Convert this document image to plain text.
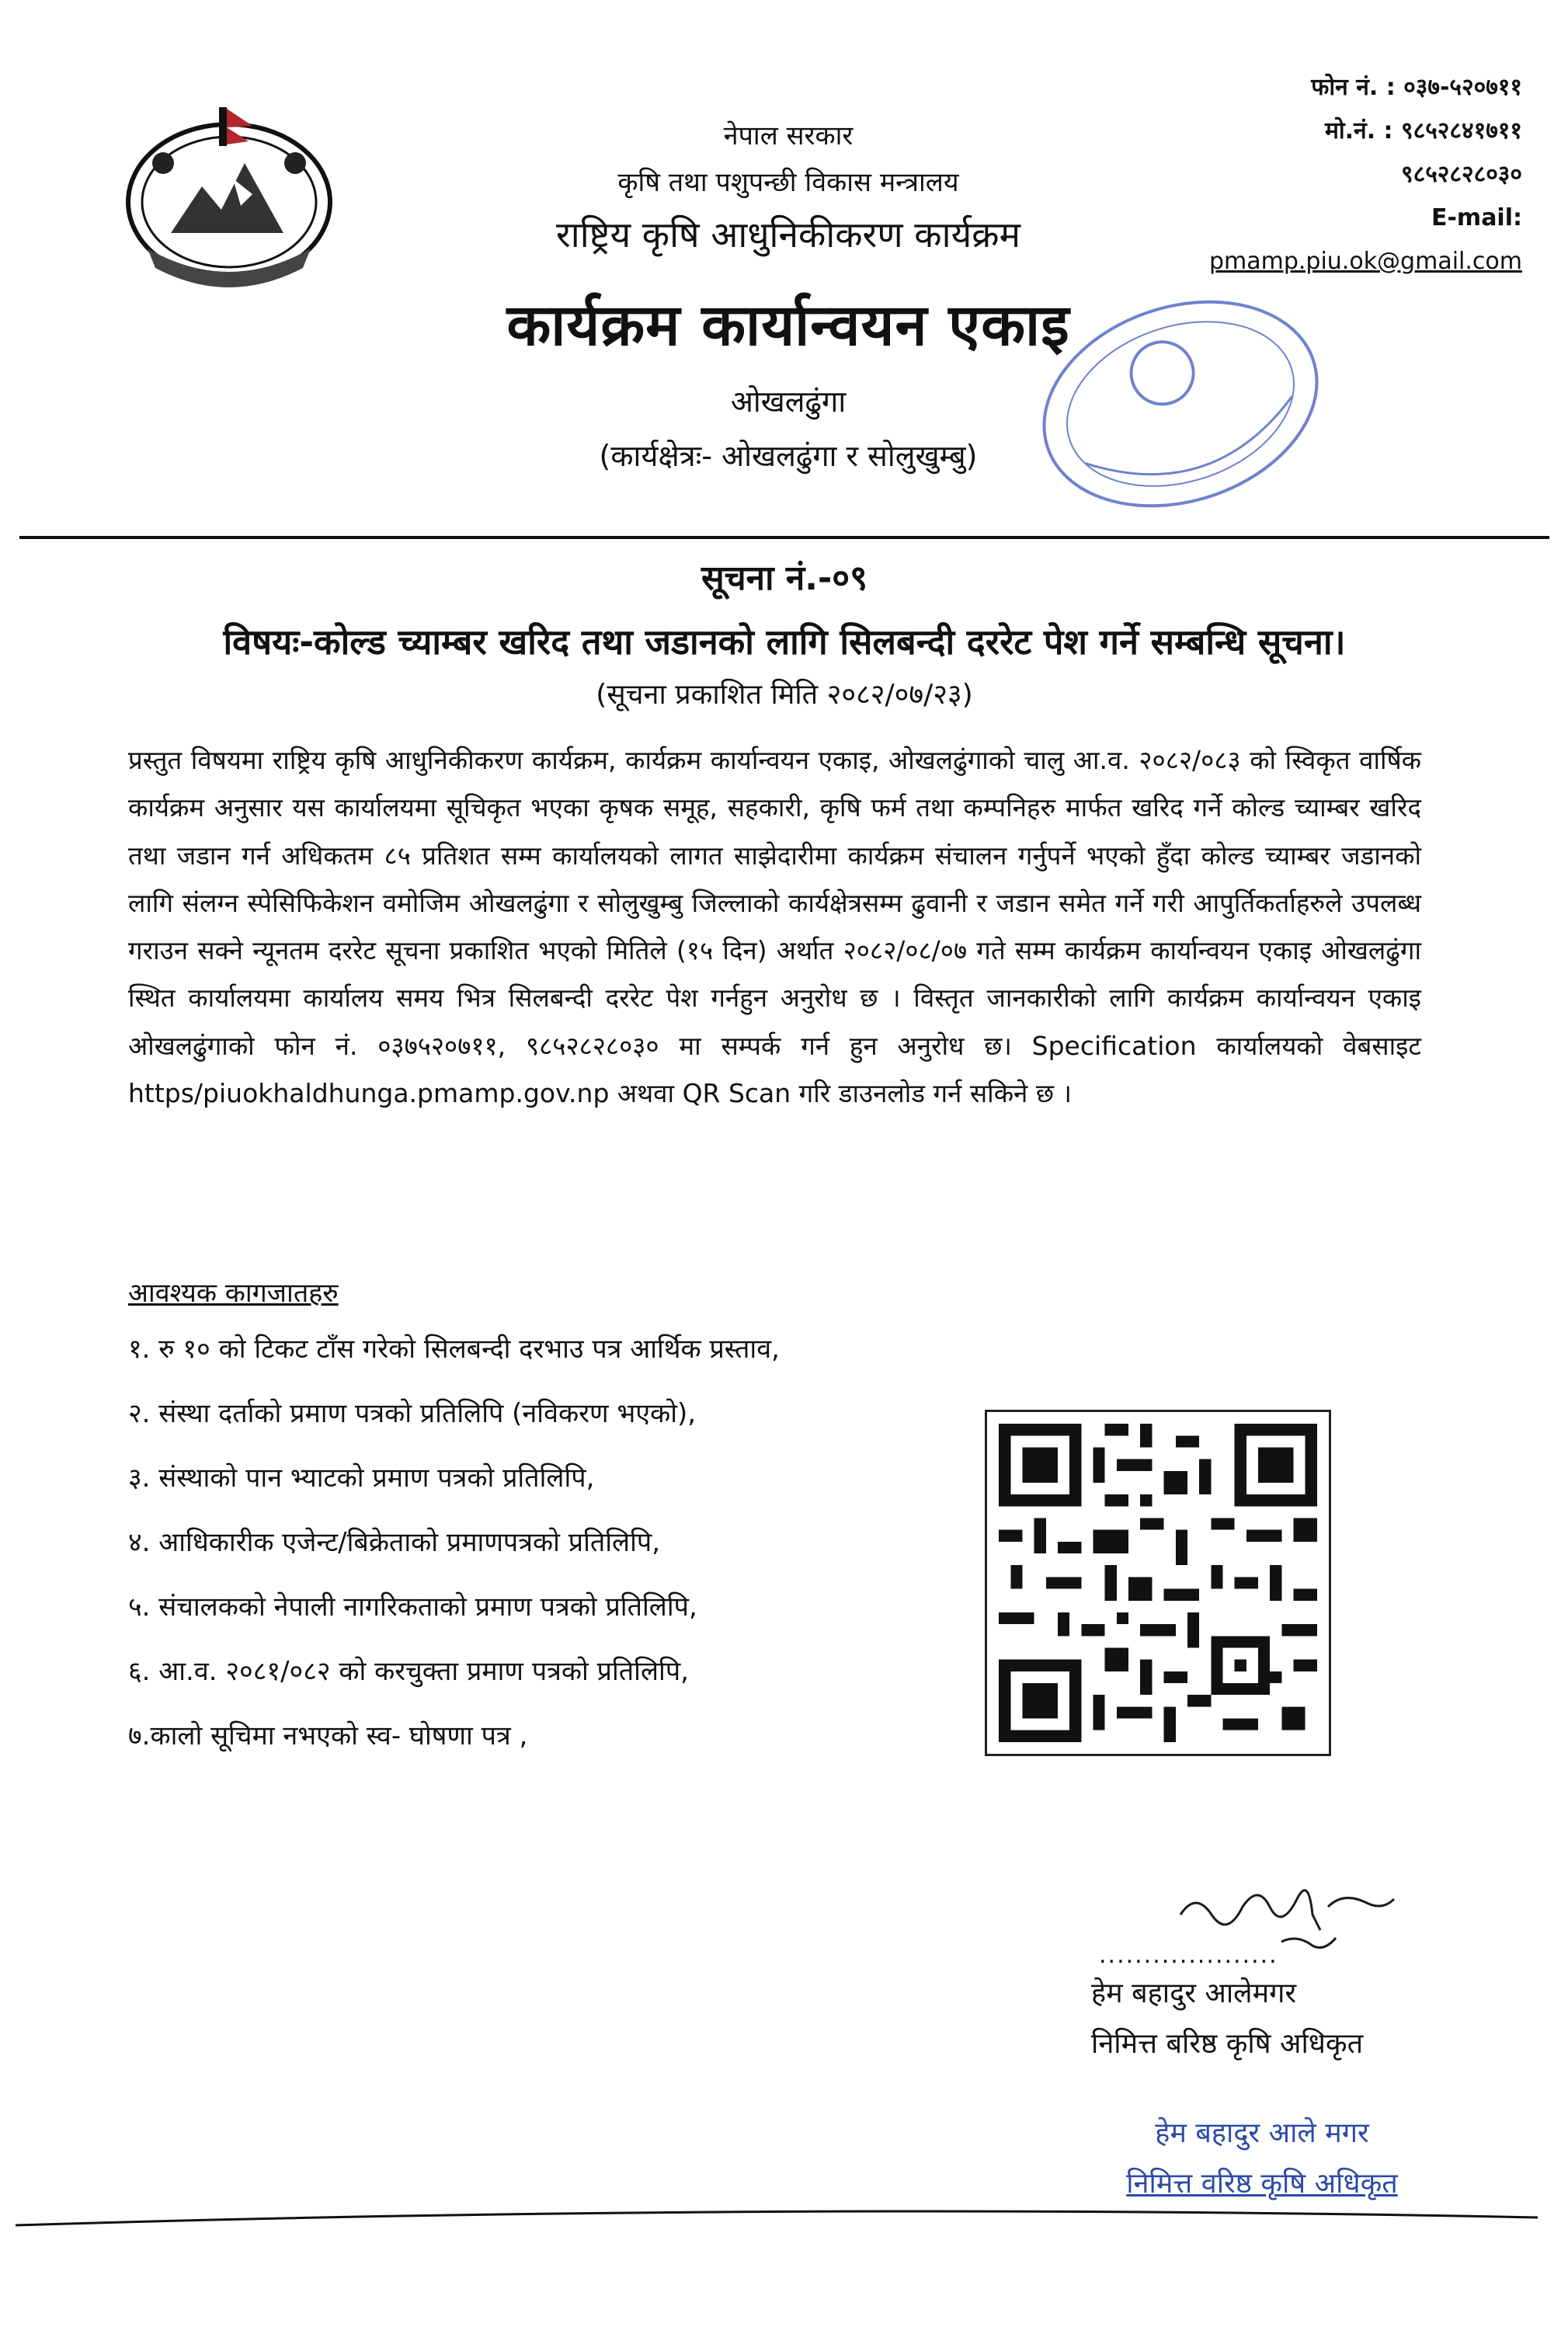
नेपाल सरकार
कृषि तथा पशुपन्छी विकास मन्त्रालय
राष्ट्रिय कृषि आधुनिकीकरण कार्यक्रम
कार्यक्रम कार्यान्वयन एकाइ
ओखलढुंगा
(कार्यक्षेत्रः- ओखलढुंगा र सोलुखुम्बु)
फोन नं. : ०३७-५२०७११
मो.नं. : ९८५२८४१७११
९८५२८२८०३०
E-mail: pmamp.piu.ok@gmail.com
सूचना नं.-०९
विषयः-कोल्ड च्याम्बर खरिद तथा जडानको लागि सिलबन्दी दररेट पेश गर्ने सम्बन्धि सूचना।
(सूचना प्रकाशित मिति २०८२/०७/२३)
प्रस्तुत विषयमा राष्ट्रिय कृषि आधुनिकीकरण कार्यक्रम, कार्यक्रम कार्यान्वयन एकाइ, ओखलढुंगाको चालु आ.व. २०८२/०८३ को स्विकृत वार्षिक कार्यक्रम अनुसार यस कार्यालयमा सूचिकृत भएका कृषक समूह, सहकारी, कृषि फर्म तथा कम्पनिहरु मार्फत खरिद गर्ने कोल्ड च्याम्बर खरिद तथा जडान गर्न अधिकतम ८५ प्रतिशत सम्म कार्यालयको लागत साझेदारीमा कार्यक्रम संचालन गर्नुपर्ने भएको हुँदा कोल्ड च्याम्बर जडानको लागि संलग्न स्पेसिफिकेशन वमोजिम ओखलढुंगा र सोलुखुम्बु जिल्लाको कार्यक्षेत्रसम्म ढुवानी र जडान समेत गर्ने गरी आपुर्तिकर्ताहरुले उपलब्ध गराउन सक्ने न्यूनतम दररेट सूचना प्रकाशित भएको मितिले (१५ दिन) अर्थात २०८२/०८/०७ गते सम्म कार्यक्रम कार्यान्वयन एकाइ ओखलढुंगा स्थित कार्यालयमा कार्यालय समय भित्र सिलबन्दी दररेट पेश गर्नहुन अनुरोध छ । विस्तृत जानकारीको लागि कार्यक्रम कार्यान्वयन एकाइ ओखलढुंगाको फोन नं. ०३७५२०७११, ९८५२८२८०३० मा सम्पर्क गर्न हुन अनुरोध छ। Specification कार्यालयको वेबसाइट https/piuokhaldhunga.pmamp.gov.np अथवा QR Scan गरि डाउनलोड गर्न सकिने छ ।
आवश्यक कागजातहरु
१. रु १० को टिकट टाँस गरेको सिलबन्दी दरभाउ पत्र आर्थिक प्रस्ताव,
२. संस्था दर्ताको प्रमाण पत्रको प्रतिलिपि (नविकरण भएको),
३. संस्थाको पान भ्याटको प्रमाण पत्रको प्रतिलिपि,
४. आधिकारीक एजेन्ट/बिक्रेताको प्रमाणपत्रको प्रतिलिपि,
५. संचालकको नेपाली नागरिकताको प्रमाण पत्रको प्रतिलिपि,
६. आ.व. २०८१/०८२ को करचुक्ता प्रमाण पत्रको प्रतिलिपि,
७.कालो सूचिमा नभएको स्व- घोषणा पत्र ,
....................
हेम बहादुर आलेमगर
निमित्त बरिष्ठ कृषि अधिकृत
हेम बहादुर आले मगर
निमित्त वरिष्ठ कृषि अधिकृत
